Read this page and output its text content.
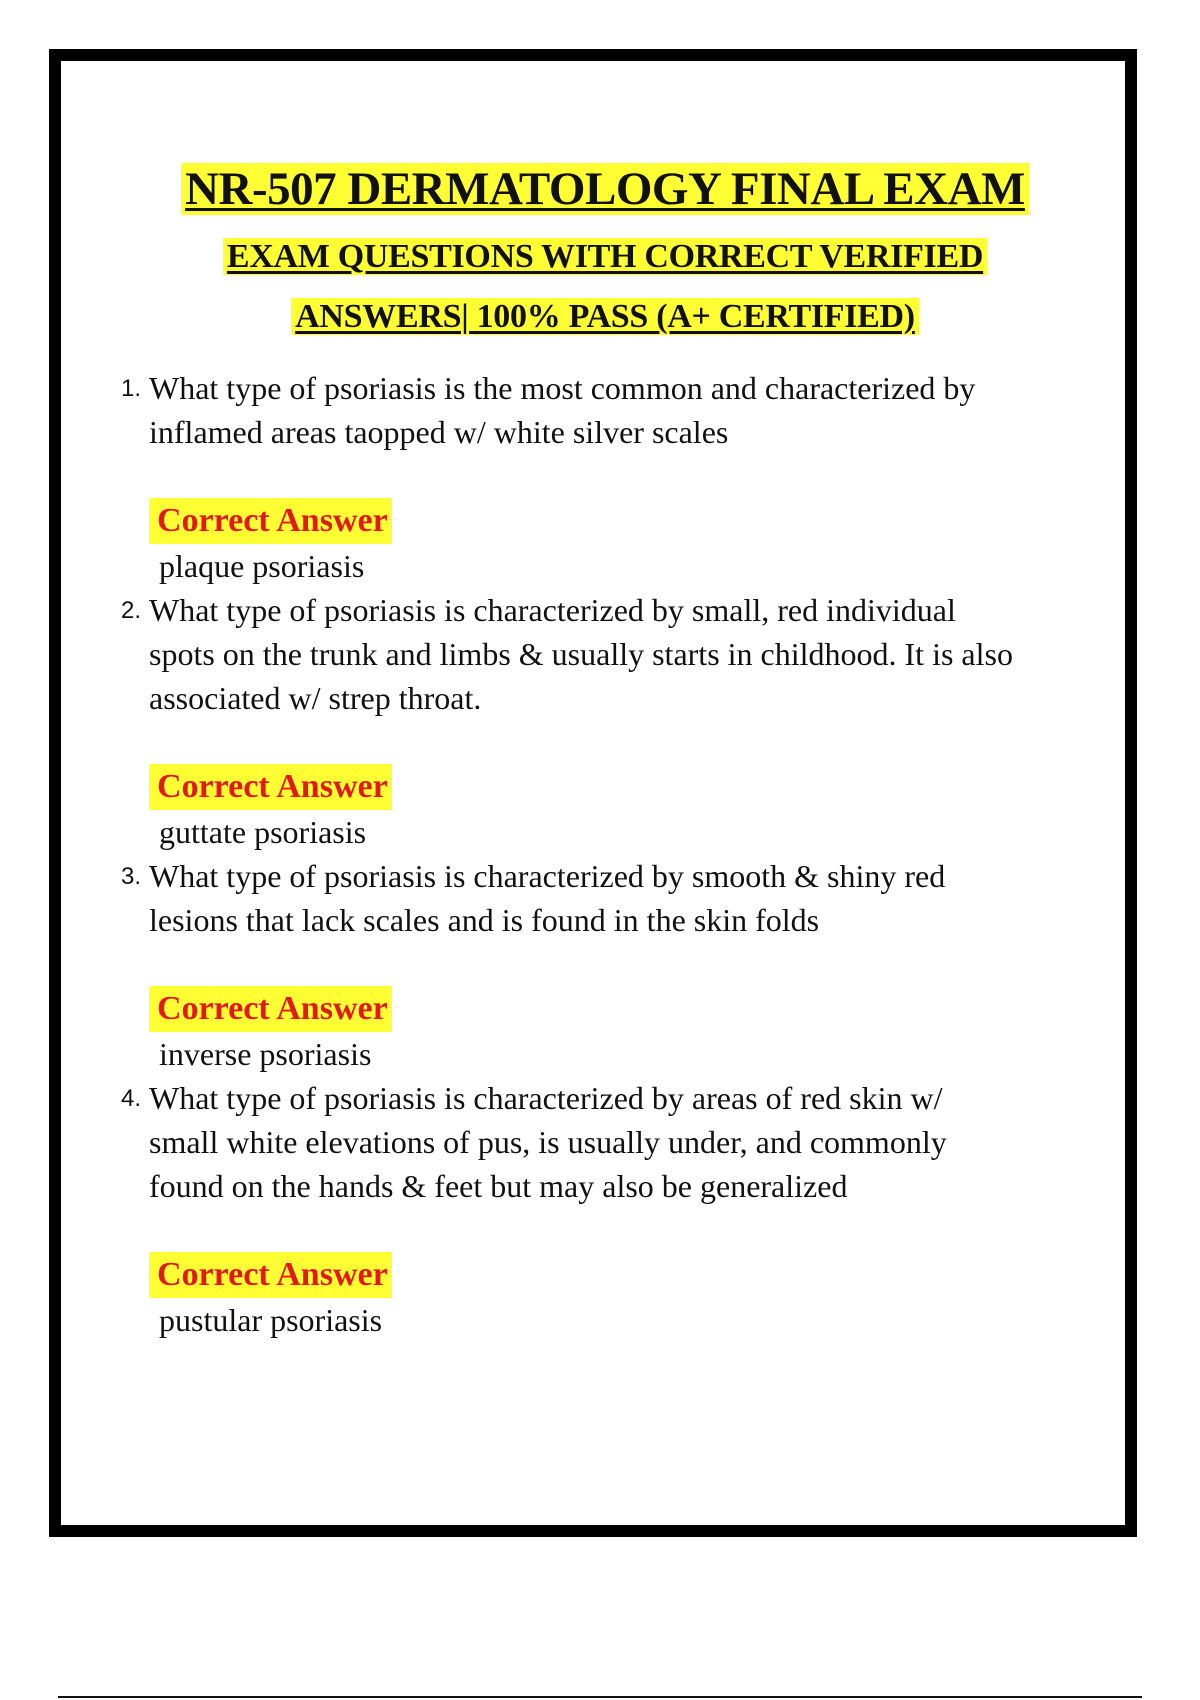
NR-507 DERMATOLOGY FINAL EXAM
EXAM QUESTIONS WITH CORRECT VERIFIED
ANSWERS| 100% PASS (A+ CERTIFIED)

1. What type of psoriasis is the most common and characterized by inflamed areas taopped w/ white silver scales

Correct Answer
plaque psoriasis

2. What type of psoriasis is characterized by small, red individual spots on the trunk and limbs & usually starts in childhood. It is also associated w/ strep throat.

Correct Answer
guttate psoriasis

3. What type of psoriasis is characterized by smooth & shiny red lesions that lack scales and is found in the skin folds

Correct Answer
inverse psoriasis

4. What type of psoriasis is characterized by areas of red skin w/ small white elevations of pus, is usually under, and commonly found on the hands & feet but may also be generalized

Correct Answer
pustular psoriasis
